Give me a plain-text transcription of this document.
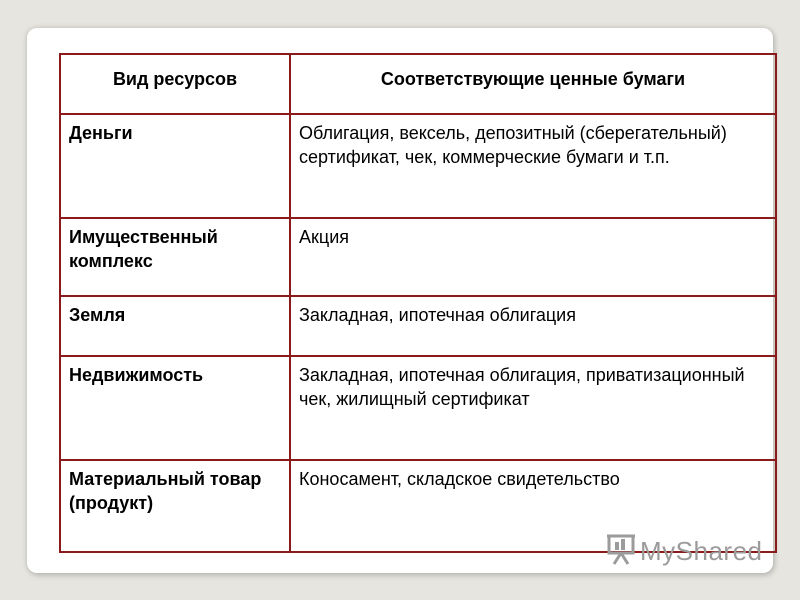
Вид ресурсов	Соответствующие ценные бумаги
Деньги	Облигация, вексель, депозитный (сберегательный) сертификат, чек, коммерческие бумаги и т.п.
Имущественный комплекс	Акция
Земля	Закладная, ипотечная облигация
Недвижимость	Закладная, ипотечная облигация, приватизационный чек, жилищный сертификат
Материальный товар (продукт)	Коносамент, складское свидетельство
MyShared
